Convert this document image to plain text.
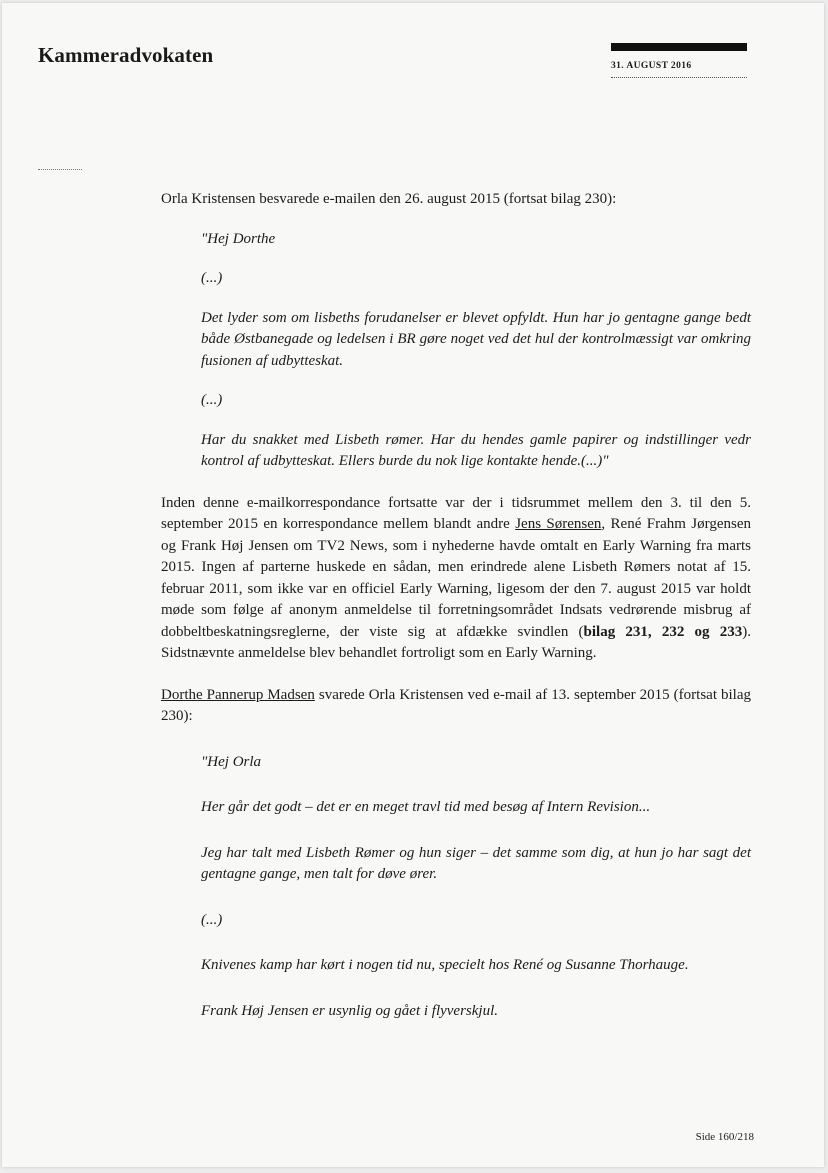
Kammeradvokaten	31. AUGUST 2016

Orla Kristensen besvarede e-mailen den 26. august 2015 (fortsat bilag 230):

"Hej Dorthe

(...)

Det lyder som om lisbeths forudanelser er blevet opfyldt. Hun har jo gentagne gange bedt både Østbanegade og ledelsen i BR gøre noget ved det hul der kontrolmæssigt var omkring fusionen af udbytteskat.

(...)

Har du snakket med Lisbeth rømer. Har du hendes gamle papirer og indstillinger vedr kontrol af udbytteskat. Ellers burde du nok lige kontakte hende.(...)"

Inden denne e-mailkorrespondance fortsatte var der i tidsrummet mellem den 3. til den 5. september 2015 en korrespondance mellem blandt andre Jens Sørensen, René Frahm Jørgensen og Frank Høj Jensen om TV2 News, som i nyhederne havde omtalt en Early Warning fra marts 2015. Ingen af parterne huskede en sådan, men erindrede alene Lisbeth Rømers notat af 15. februar 2011, som ikke var en officiel Early Warning, ligesom der den 7. august 2015 var holdt møde som følge af anonym anmeldelse til forretningsområdet Indsats vedrørende misbrug af dobbeltbeskatningsreglerne, der viste sig at afdække svindlen (bilag 231, 232 og 233). Sidstnævnte anmeldelse blev behandlet fortroligt som en Early Warning.

Dorthe Pannerup Madsen svarede Orla Kristensen ved e-mail af 13. september 2015 (fortsat bilag 230):

"Hej Orla

Her går det godt – det er en meget travl tid med besøg af Intern Revision...

Jeg har talt med Lisbeth Rømer og hun siger – det samme som dig, at hun jo har sagt det gentagne gange, men talt for døve ører.

(...)

Knivenes kamp har kørt i nogen tid nu, specielt hos René og Susanne Thorhauge.

Frank Høj Jensen er usynlig og gået i flyverskjul.

Side 160/218
